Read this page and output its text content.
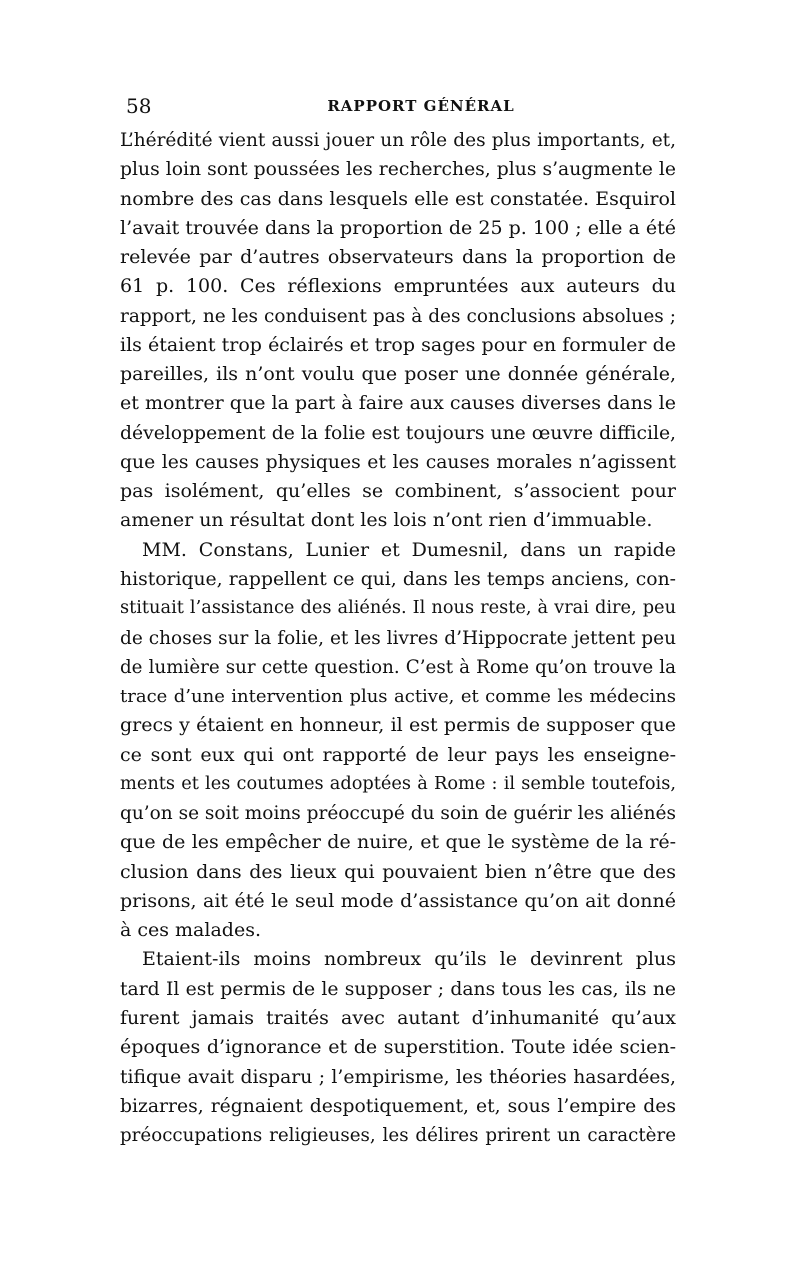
58	RAPPORT GÉNÉRAL

L’hérédité vient aussi jouer un rôle des plus importants, et,
plus loin sont poussées les recherches, plus s’augmente le
nombre des cas dans lesquels elle est constatée. Esquirol
l’avait trouvée dans la proportion de 25 p. 100 ; elle a été
relevée par d’autres observateurs dans la proportion de
61 p. 100. Ces réflexions empruntées aux auteurs du
rapport, ne les conduisent pas à des conclusions absolues ;
ils étaient trop éclairés et trop sages pour en formuler de
pareilles, ils n’ont voulu que poser une donnée générale,
et montrer que la part à faire aux causes diverses dans le
développement de la folie est toujours une œuvre difficile,
que les causes physiques et les causes morales n’agissent
pas isolément, qu’elles se combinent, s’associent pour
amener un résultat dont les lois n’ont rien d’immuable.

MM. Constans, Lunier et Dumesnil, dans un rapide
historique, rappellent ce qui, dans les temps anciens, con-
stituait l’assistance des aliénés. Il nous reste, à vrai dire, peu
de choses sur la folie, et les livres d’Hippocrate jettent peu
de lumière sur cette question. C’est à Rome qu’on trouve la
trace d’une intervention plus active, et comme les médecins
grecs y étaient en honneur, il est permis de supposer que
ce sont eux qui ont rapporté de leur pays les enseigne-
ments et les coutumes adoptées à Rome : il semble toutefois,
qu’on se soit moins préoccupé du soin de guérir les aliénés
que de les empêcher de nuire, et que le système de la ré-
clusion dans des lieux qui pouvaient bien n’être que des
prisons, ait été le seul mode d’assistance qu’on ait donné
à ces malades.

Etaient-ils moins nombreux qu’ils le devinrent plus
tard Il est permis de le supposer ; dans tous les cas, ils ne
furent jamais traités avec autant d’inhumanité qu’aux
époques d’ignorance et de superstition. Toute idée scien-
tifique avait disparu ; l’empirisme, les théories hasardées,
bizarres, régnaient despotiquement, et, sous l’empire des
préoccupations religieuses, les délires prirent un caractère
